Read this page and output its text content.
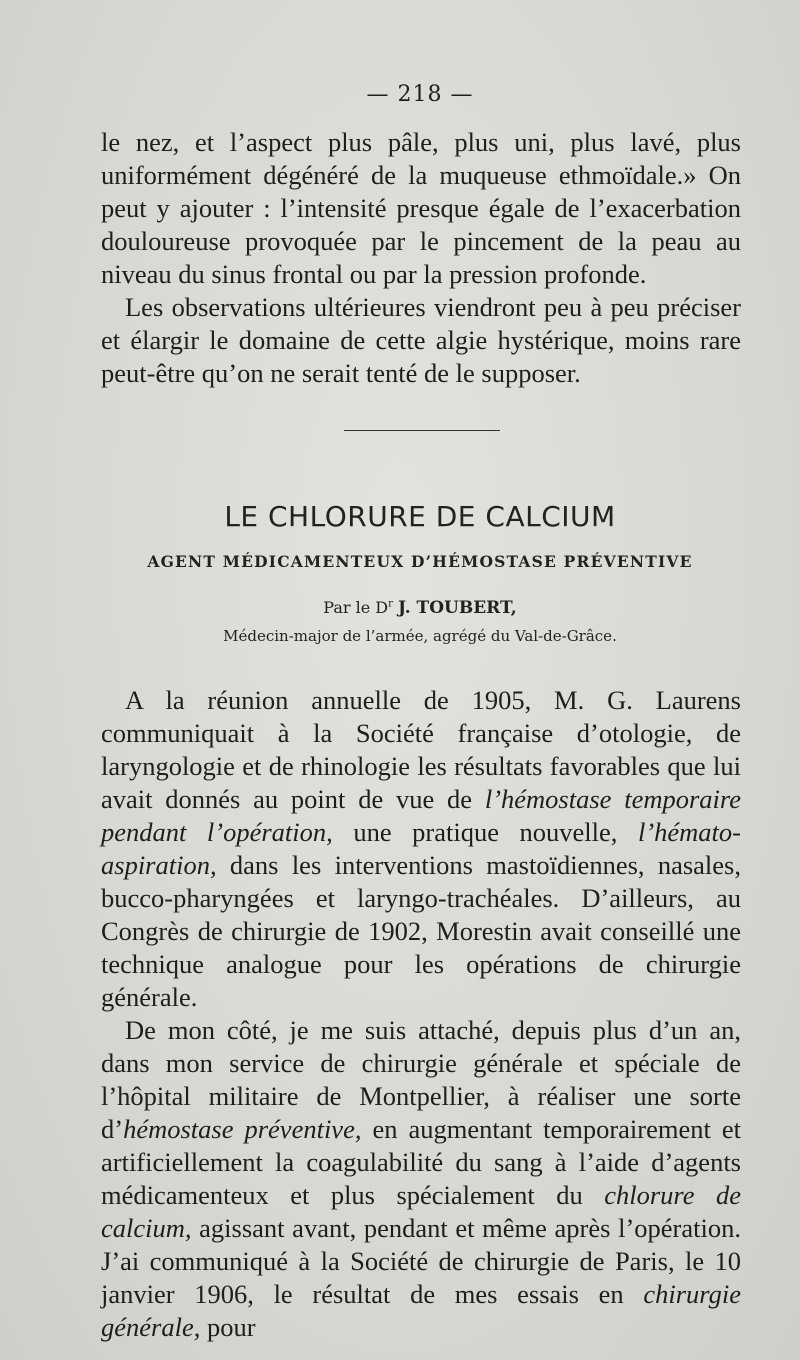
— 218 —

le nez, et l’aspect plus pâle, plus uni, plus lavé, plus uniformément dégénéré de la muqueuse ethmoïdale.» On peut y ajouter : l’intensité presque égale de l’exacerbation douloureuse provoquée par le pincement de la peau au niveau du sinus frontal ou par la pression profonde.

Les observations ultérieures viendront peu à peu préciser et élargir le domaine de cette algie hystérique, moins rare peut-être qu’on ne serait tenté de le supposer.

LE CHLORURE DE CALCIUM
AGENT MÉDICAMENTEUX D’HÉMOSTASE PRÉVENTIVE
Par le $D^r$ J. TOUBERT,
Médecin-major de l’armée, agrégé du Val-de-Grâce.

A la réunion annuelle de 1905, M. G. Laurens communiquait à la Société française d’otologie, de laryngologie et de rhinologie les résultats favorables que lui avait donnés au point de vue de l’hémostase temporaire pendant l’opération, une pratique nouvelle, l’hémato-aspiration, dans les interventions mastoïdiennes, nasales, bucco-pharyngées et laryngo-trachéales. D’ailleurs, au Congrès de chirurgie de 1902, Morestin avait conseillé une technique analogue pour les opérations de chirurgie générale.

De mon côté, je me suis attaché, depuis plus d’un an, dans mon service de chirurgie générale et spéciale de l’hôpital militaire de Montpellier, à réaliser une sorte d’hémostase préventive, en augmentant temporairement et artificiellement la coagulabilité du sang à l’aide d’agents médicamenteux et plus spécialement du chlorure de calcium, agissant avant, pendant et même après l’opération. J’ai communiqué à la Société de chirurgie de Paris, le 10 janvier 1906, le résultat de mes essais en chirurgie générale, pour
